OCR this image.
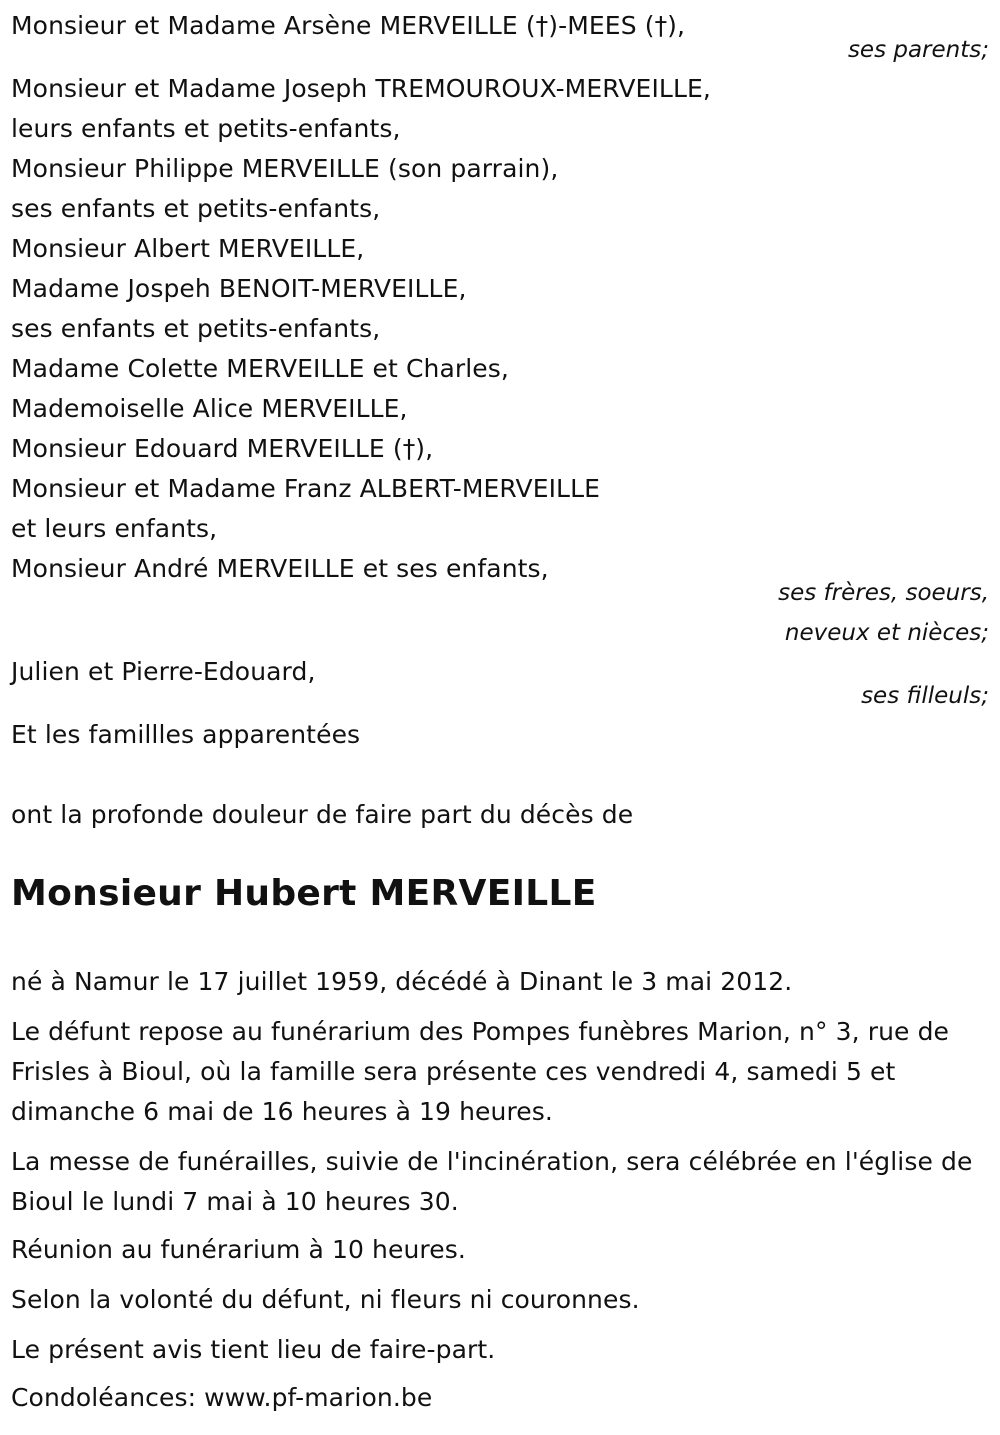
Monsieur et Madame Arsène MERVEILLE (†)-MEES (†),
ses parents;
Monsieur et Madame Joseph TREMOUROUX-MERVEILLE,
leurs enfants et petits-enfants,
Monsieur Philippe MERVEILLE (son parrain),
ses enfants et petits-enfants,
Monsieur Albert MERVEILLE,
Madame Jospeh BENOIT-MERVEILLE,
ses enfants et petits-enfants,
Madame Colette MERVEILLE et Charles,
Mademoiselle Alice MERVEILLE,
Monsieur Edouard MERVEILLE (†),
Monsieur et Madame Franz ALBERT-MERVEILLE
et leurs enfants,
Monsieur André MERVEILLE et ses enfants,
ses frères, soeurs,
neveux et nièces;
Julien et Pierre-Edouard,
ses filleuls;
Et les famillles apparentées
ont la profonde douleur de faire part du décès de
Monsieur Hubert MERVEILLE
né à Namur le 17 juillet 1959, décédé à Dinant le 3 mai 2012.
Le défunt repose au funérarium des Pompes funèbres Marion, n° 3, rue de Frisles à Bioul, où la famille sera présente ces vendredi 4, samedi 5 et dimanche 6 mai de 16 heures à 19 heures.
La messe de funérailles, suivie de l'incinération, sera célébrée en l'église de Bioul le lundi 7 mai à 10 heures 30.
Réunion au funérarium à 10 heures.
Selon la volonté du défunt, ni fleurs ni couronnes.
Le présent avis tient lieu de faire-part.
Condoléances: www.pf-marion.be
